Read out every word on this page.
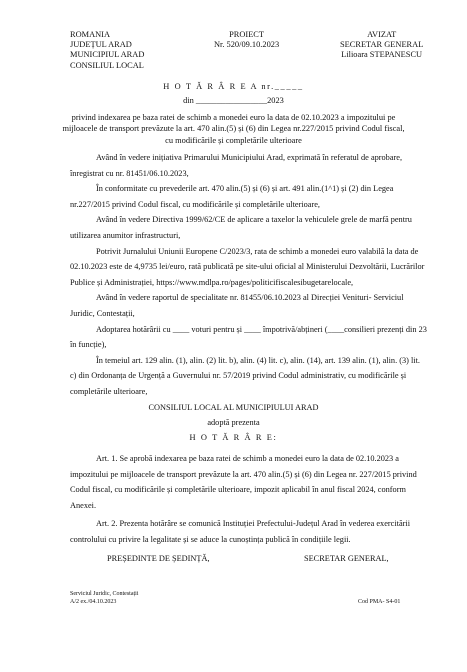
ROMANIA
JUDEȚUL ARAD
MUNICIPIUL ARAD
CONSILIUL LOCAL
PROIECT
Nr. 520/09.10.2023
AVIZAT
SECRETAR GENERAL
Lilioara STEPANESCU
H O T Ă R Â R E A nr._____
din _________________2023
privind indexarea pe baza ratei de schimb a monedei euro la data de 02.10.2023 a impozitului pe
mijloacele de transport prevăzute la art. 470 alin.(5) și (6) din Legea nr.227/2015 privind Codul fiscal,
cu modificările și completările ulterioare
Având în vedere inițiativa Primarului Municipiului Arad, exprimată în referatul de aprobare,
înregistrat cu nr. 81451/06.10.2023,
În conformitate cu prevederile art. 470 alin.(5) și (6) și art. 491 alin.(1^1) și (2) din Legea
nr.227/2015 privind Codul fiscal, cu modificările și completările ulterioare,
Având în vedere Directiva 1999/62/CE de aplicare a taxelor la vehiculele grele de marfă pentru
utilizarea anumitor infrastructuri,
Potrivit Jurnalului Uniunii Europene C/2023/3, rata de schimb a monedei euro valabilă la data de
02.10.2023 este de 4,9735 lei/euro, rată publicată pe site-ului oficial al Ministerului Dezvoltării, Lucrărilor
Publice și Administrației, https://www.mdlpa.ro/pages/politicifiscalesibugetarelocale,
Având în vedere raportul de specialitate nr. 81455/06.10.2023 al Direcției Venituri- Serviciul
Juridic, Contestații,
Adoptarea hotărârii cu ____ voturi pentru și ____ împotrivă/abțineri (____consilieri prezenți din 23
în funcție),
În temeiul art. 129 alin. (1), alin. (2) lit. b), alin. (4) lit. c), alin. (14), art. 139 alin. (1), alin. (3) lit.
c) din Ordonanța de Urgență a Guvernului nr. 57/2019 privind Codul administrativ, cu modificările și
completările ulterioare,
CONSILIUL LOCAL AL MUNICIPIULUI ARAD
adoptă prezenta
H O T Ă R Â R E:
Art. 1. Se aprobă indexarea pe baza ratei de schimb a monedei euro la data de 02.10.2023 a
impozitului pe mijloacele de transport prevăzute la art. 470 alin.(5) și (6) din Legea nr. 227/2015 privind
Codul fiscal, cu modificările și completările ulterioare, impozit aplicabil în anul fiscal 2024, conform
Anexei.
Art. 2. Prezenta hotărâre se comunică Instituției Prefectului-Județul Arad în vederea exercitării
controlului cu privire la legalitate și se aduce la cunoștința publică în condițiile legii.
PREȘEDINTE DE ȘEDINȚĂ,	SECRETAR GENERAL,
Serviciul Juridic, Contestații
A/2 ex./04.10.2023	Cod PMA- S4-01
